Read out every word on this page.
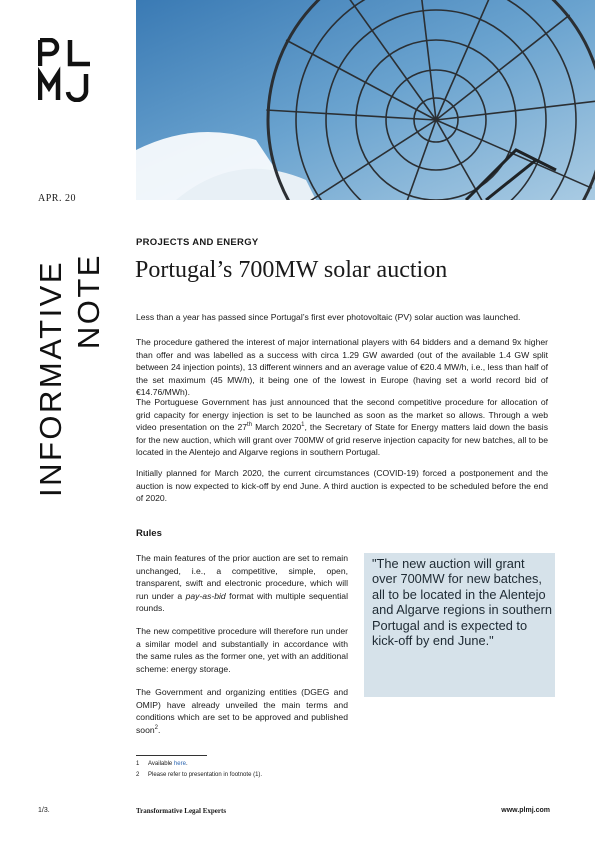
APR. 20
INFORMATIVE NOTE
PROJECTS AND ENERGY
Portugal’s 700MW solar auction

Less than a year has passed since Portugal’s first ever photovoltaic (PV) solar auction was launched.

The procedure gathered the interest of major international players with 64 bidders and a demand 9x higher than offer and was labelled as a success with circa 1.29 GW awarded (out of the available 1.4 GW split between 24 injection points), 13 different winners and an average value of €20.4 MW/h, i.e., less than half of the set maximum (45 MW/h), it being one of the lowest in Europe (having set a world record bid of €14.76/MWh).

The Portuguese Government has just announced that the second competitive procedure for allocation of grid capacity for energy injection is set to be launched as soon as the market so allows. Through a web video presentation on the 27th March 2020$^1$, the Secretary of State for Energy matters laid down the basis for the new auction, which will grant over 700MW of grid reserve injection capacity for new batches, all to be located in the Alentejo and Algarve regions in southern Portugal.

Initially planned for March 2020, the current circumstances (COVID-19) forced a postponement and the auction is now expected to kick-off by end June. A third auction is expected to be scheduled before the end of 2020.

Rules

The main features of the prior auction are set to remain unchanged, i.e., a competitive, simple, open, transparent, swift and electronic procedure, which will run under a pay-as-bid format with multiple sequential rounds.

The new competitive procedure will therefore run under a similar model and substantially in accordance with the same rules as the former one, yet with an additional scheme: energy storage.

The Government and organizing entities (DGEG and OMIP) have already unveiled the main terms and conditions which are set to be approved and published soon$^2$.

"The new auction will grant over 700MW for new batches, all to be located in the Alentejo and Algarve regions in southern Portugal and is expected to kick-off by end June."

1 Available here.
2 Please refer to presentation in footnote (1).
1/3.	Transformative Legal Experts	www.plmj.com
